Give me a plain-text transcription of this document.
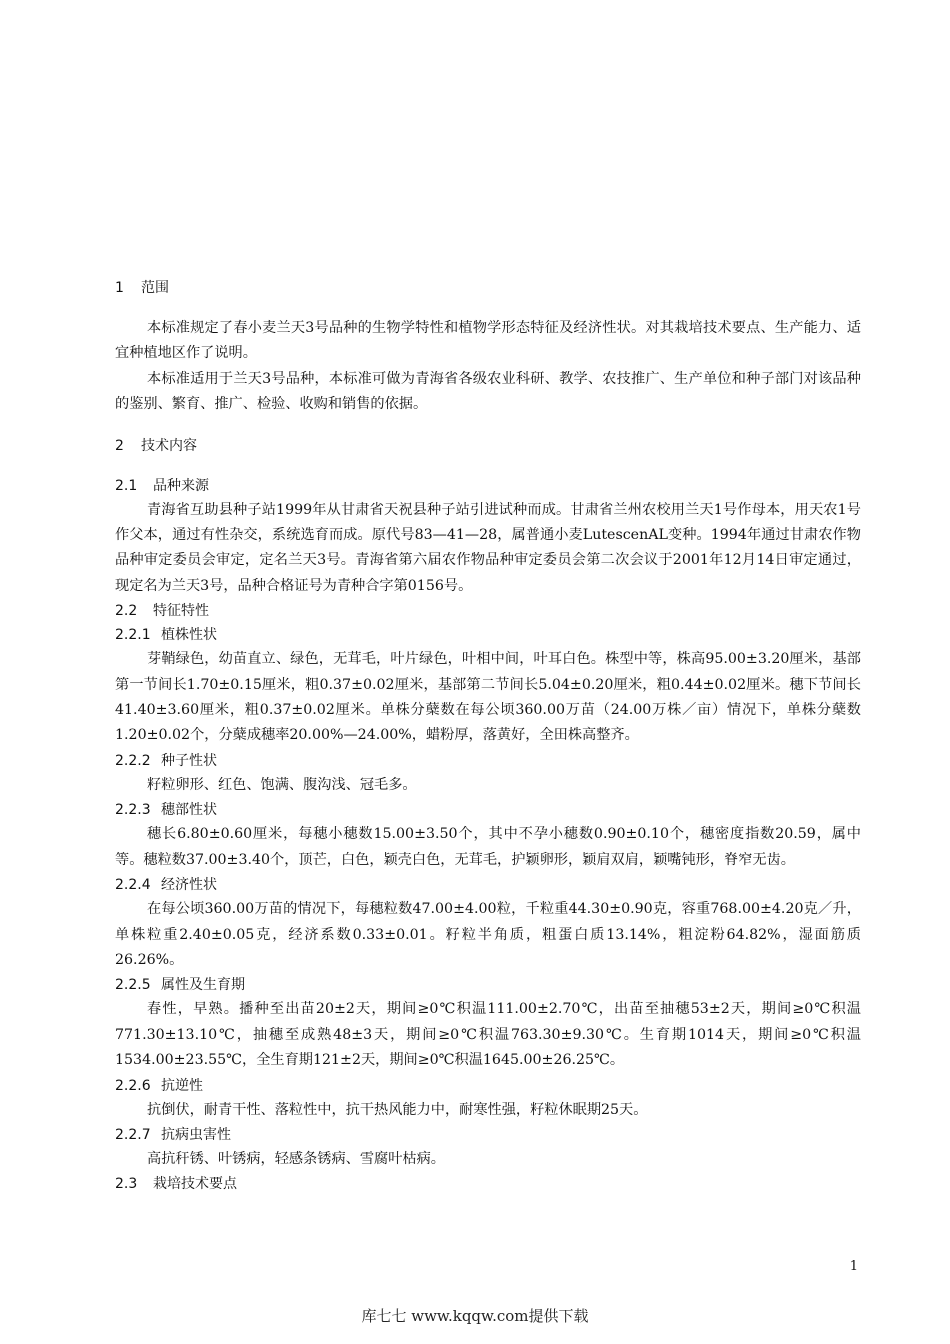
1 范围

本标准规定了春小麦兰天3号品种的生物学特性和植物学形态特征及经济性状。对其栽培技术要点、生产能力、适宜种植地区作了说明。

本标准适用于兰天3号品种，本标准可做为青海省各级农业科研、教学、农技推广、生产单位和种子部门对该品种的鉴别、繁育、推广、检验、收购和销售的依据。

2 技术内容
2.1 品种来源

青海省互助县种子站1999年从甘肃省天祝县种子站引进试种而成。甘肃省兰州农校用兰天1号作母本，用天农1号作父本，通过有性杂交，系统选育而成。原代号83—41—28，属普通小麦LutescenAL变种。1994年通过甘肃农作物品种审定委员会审定，定名兰天3号。青海省第六届农作物品种审定委员会第二次会议于2001年12月14日审定通过，现定名为兰天3号，品种合格证号为青种合字第0156号。

2.2 特征特性
2.2.1 植株性状

芽鞘绿色，幼苗直立、绿色，无茸毛，叶片绿色，叶相中间，叶耳白色。株型中等，株高95.00±3.20厘米，基部第一节间长1.70±0.15厘米，粗0.37±0.02厘米，基部第二节间长5.04±0.20厘米，粗0.44±0.02厘米。穗下节间长41.40±3.60厘米，粗0.37±0.02厘米。单株分蘖数在每公顷360.00万苗（24.00万株／亩）情况下，单株分蘖数1.20±0.02个，分蘖成穗率20.00%—24.00%，蜡粉厚，落黄好，全田株高整齐。

2.2.2 种子性状

籽粒卵形、红色、饱满、腹沟浅、冠毛多。

2.2.3 穗部性状

穗长6.80±0.60厘米，每穗小穗数15.00±3.50个，其中不孕小穗数0.90±0.10个，穗密度指数20.59，属中等。穗粒数37.00±3.40个，顶芒，白色，颖壳白色，无茸毛，护颖卵形，颖肩双肩，颖嘴钝形，脊窄无齿。

2.2.4 经济性状

在每公顷360.00万苗的情况下，每穗粒数47.00±4.00粒，千粒重44.30±0.90克，容重768.00±4.20克／升，单株粒重2.40±0.05克，经济系数0.33±0.01。籽粒半角质，粗蛋白质13.14%，粗淀粉64.82%，湿面筋质26.26%。

2.2.5 属性及生育期

春性，早熟。播种至出苗20±2天，期间≥0℃积温111.00±2.70℃，出苗至抽穗53±2天，期间≥0℃积温771.30±13.10℃，抽穗至成熟48±3天，期间≥0℃积温763.30±9.30℃。生育期1014天，期间≥0℃积温1534.00±23.55℃，全生育期121±2天，期间≥0℃积温1645.00±26.25℃。

2.2.6 抗逆性

抗倒伏，耐青干性、落粒性中，抗干热风能力中，耐寒性强，籽粒休眠期25天。

2.2.7 抗病虫害性

高抗秆锈、叶锈病，轻感条锈病、雪腐叶枯病。

2.3 栽培技术要点
1
库七七 www.kqqw.com提供下载
